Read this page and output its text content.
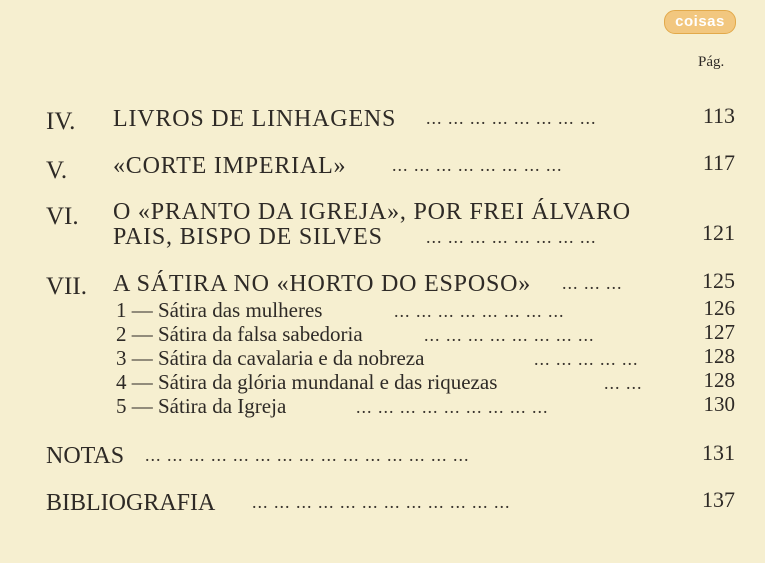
coisas
Pág.
IV. LIVROS DE LINHAGENS ... ... ... ... ... ... ... ...	113
V. «CORTE IMPERIAL»	... ... ... ... ... ... ... ...	117
VI. O «PRANTO DA IGREJA», POR FREI ÁLVARO
PAIS, BISPO DE SILVES ... ... ... ... ... ... ... ...	121
VII. A SÁTIRA NO «HORTO DO ESPOSO» ... ... ...	125
1 — Sátira das mulheres	... ... ... ... ... ... ... ...	126
2 — Sátira da falsa sabedoria	... ... ... ... ... ... ... ...	127
3 — Sátira da cavalaria e da nobreza	... ... ... ... ...	128
4 — Sátira da glória mundanal e das riquezas	... ...	128
5 — Sátira da Igreja	... ... ... ... ... ... ... ... ...	130
NOTAS ... ... ... ... ... ... ... ... ... ... ... ... ... ... ...	131
BIBLIOGRAFIA ... ... ... ... ... ... ... ... ... ... ... ...	137
